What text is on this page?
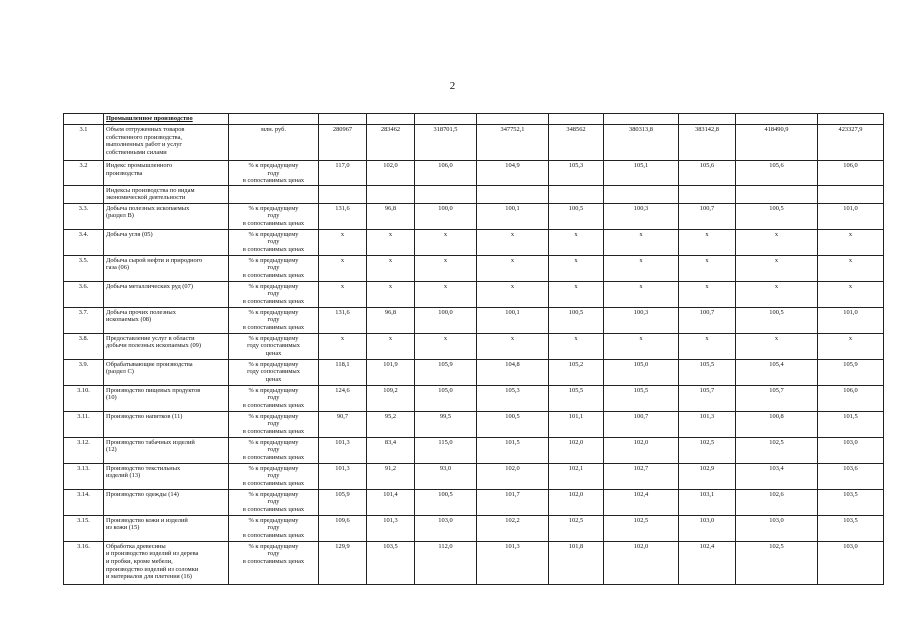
2
	Промышленное производство										
3.1	Объем отгруженных товаров
собственного производства,
выполненных работ и услуг
собственными силами	млн. руб.	280967	283462	318701,5	347752,1	348562	380313,8	383142,8	418490,9	423327,9
3.2	Индекс промышленного
производства	% к предыдущему
году
в сопоставимых ценах	117,0	102,0	106,0	104,9	105,3	105,1	105,6	105,6	106,0
	Индексы производства по видам
экономической деятельности										
3.3.	Добыча полезных ископаемых
(раздел B)	% к предыдущему
году
в сопоставимых ценах	131,6	96,8	100,0	100,1	100,5	100,3	100,7	100,5	101,0
3.4.	Добыча угля (05)	% к предыдущему
году
в сопоставимых ценах	x	x	x	x	x	x	x	x	x
3.5.	Добыча сырой нефти и природного
газа (06)	% к предыдущему
году
в сопоставимых ценах	x	x	x	x	x	x	x	x	x
3.6.	Добыча металлических руд (07)	% к предыдущему
году
в сопоставимых ценах	x	x	x	x	x	x	x	x	x
3.7.	Добыча прочих полезных
ископаемых (08)	% к предыдущему
году
в сопоставимых ценах	131,6	96,8	100,0	100,1	100,5	100,3	100,7	100,5	101,0
3.8.	Предоставление услуг в области
добычи полезных ископаемых (09)	% к предыдущему
году сопоставимых
ценах	x	x	x	x	x	x	x	x	x
3.9.	Обрабатывающие производства
(раздел C)	% к предыдущему
году сопоставимых
ценах	118,1	101,9	105,9	104,8	105,2	105,0	105,5	105,4	105,9
3.10.	Производство пищевых продуктов
(10)	% к предыдущему
году
в сопоставимых ценах	124,6	109,2	105,0	105,3	105,5	105,5	105,7	105,7	106,0
3.11.	Производство напитков (11)	% к предыдущему
году
в сопоставимых ценах	90,7	95,2	99,5	100,5	101,1	100,7	101,3	100,8	101,5
3.12.	Производство табачных изделий
(12)	% к предыдущему
году
в сопоставимых ценах	101,3	83,4	115,0	101,5	102,0	102,0	102,5	102,5	103,0
3.13.	Производство текстильных
изделий (13)	% к предыдущему
году
в сопоставимых ценах	101,3	91,2	93,0	102,0	102,1	102,7	102,9	103,4	103,6
3.14.	Производство одежды (14)	% к предыдущему
году
в сопоставимых ценах	105,9	101,4	100,5	101,7	102,0	102,4	103,1	102,6	103,5
3.15.	Производство кожи и изделий
из кожи (15)	% к предыдущему
году
в сопоставимых ценах	109,6	101,3	103,0	102,2	102,5	102,5	103,0	103,0	103,5
3.16.	Обработка древесины
и производство изделий из дерева
и пробки, кроме мебели,
производство изделий из соломки
и материалов для плетения (16)	% к предыдущему
году
в сопоставимых ценах	129,9	103,5	112,0	101,3	101,8	102,0	102,4	102,5	103,0
